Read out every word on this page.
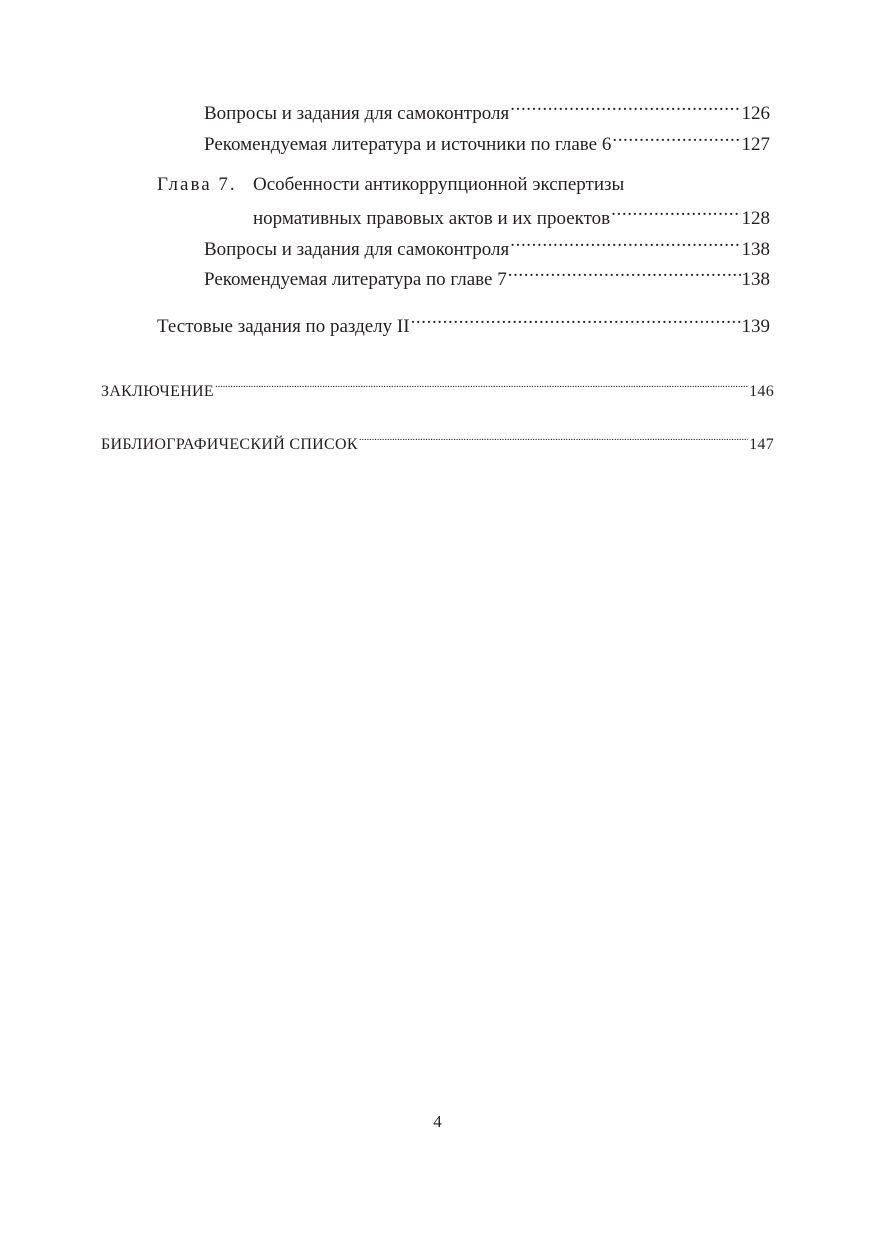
Вопросы и задания для самоконтроля .....	126
Рекомендуемая литература и источники по главе 6 .....	127
Глава 7. Особенности антикоррупционной экспертизы
нормативных правовых актов и их проектов .....	128
Вопросы и задания для самоконтроля .....	138
Рекомендуемая литература по главе 7 .....	138
Тестовые задания по разделу II .....	139
ЗАКЛЮЧЕНИЕ .....	146
БИБЛИОГРАФИЧЕСКИЙ СПИСОК .....	147
4
